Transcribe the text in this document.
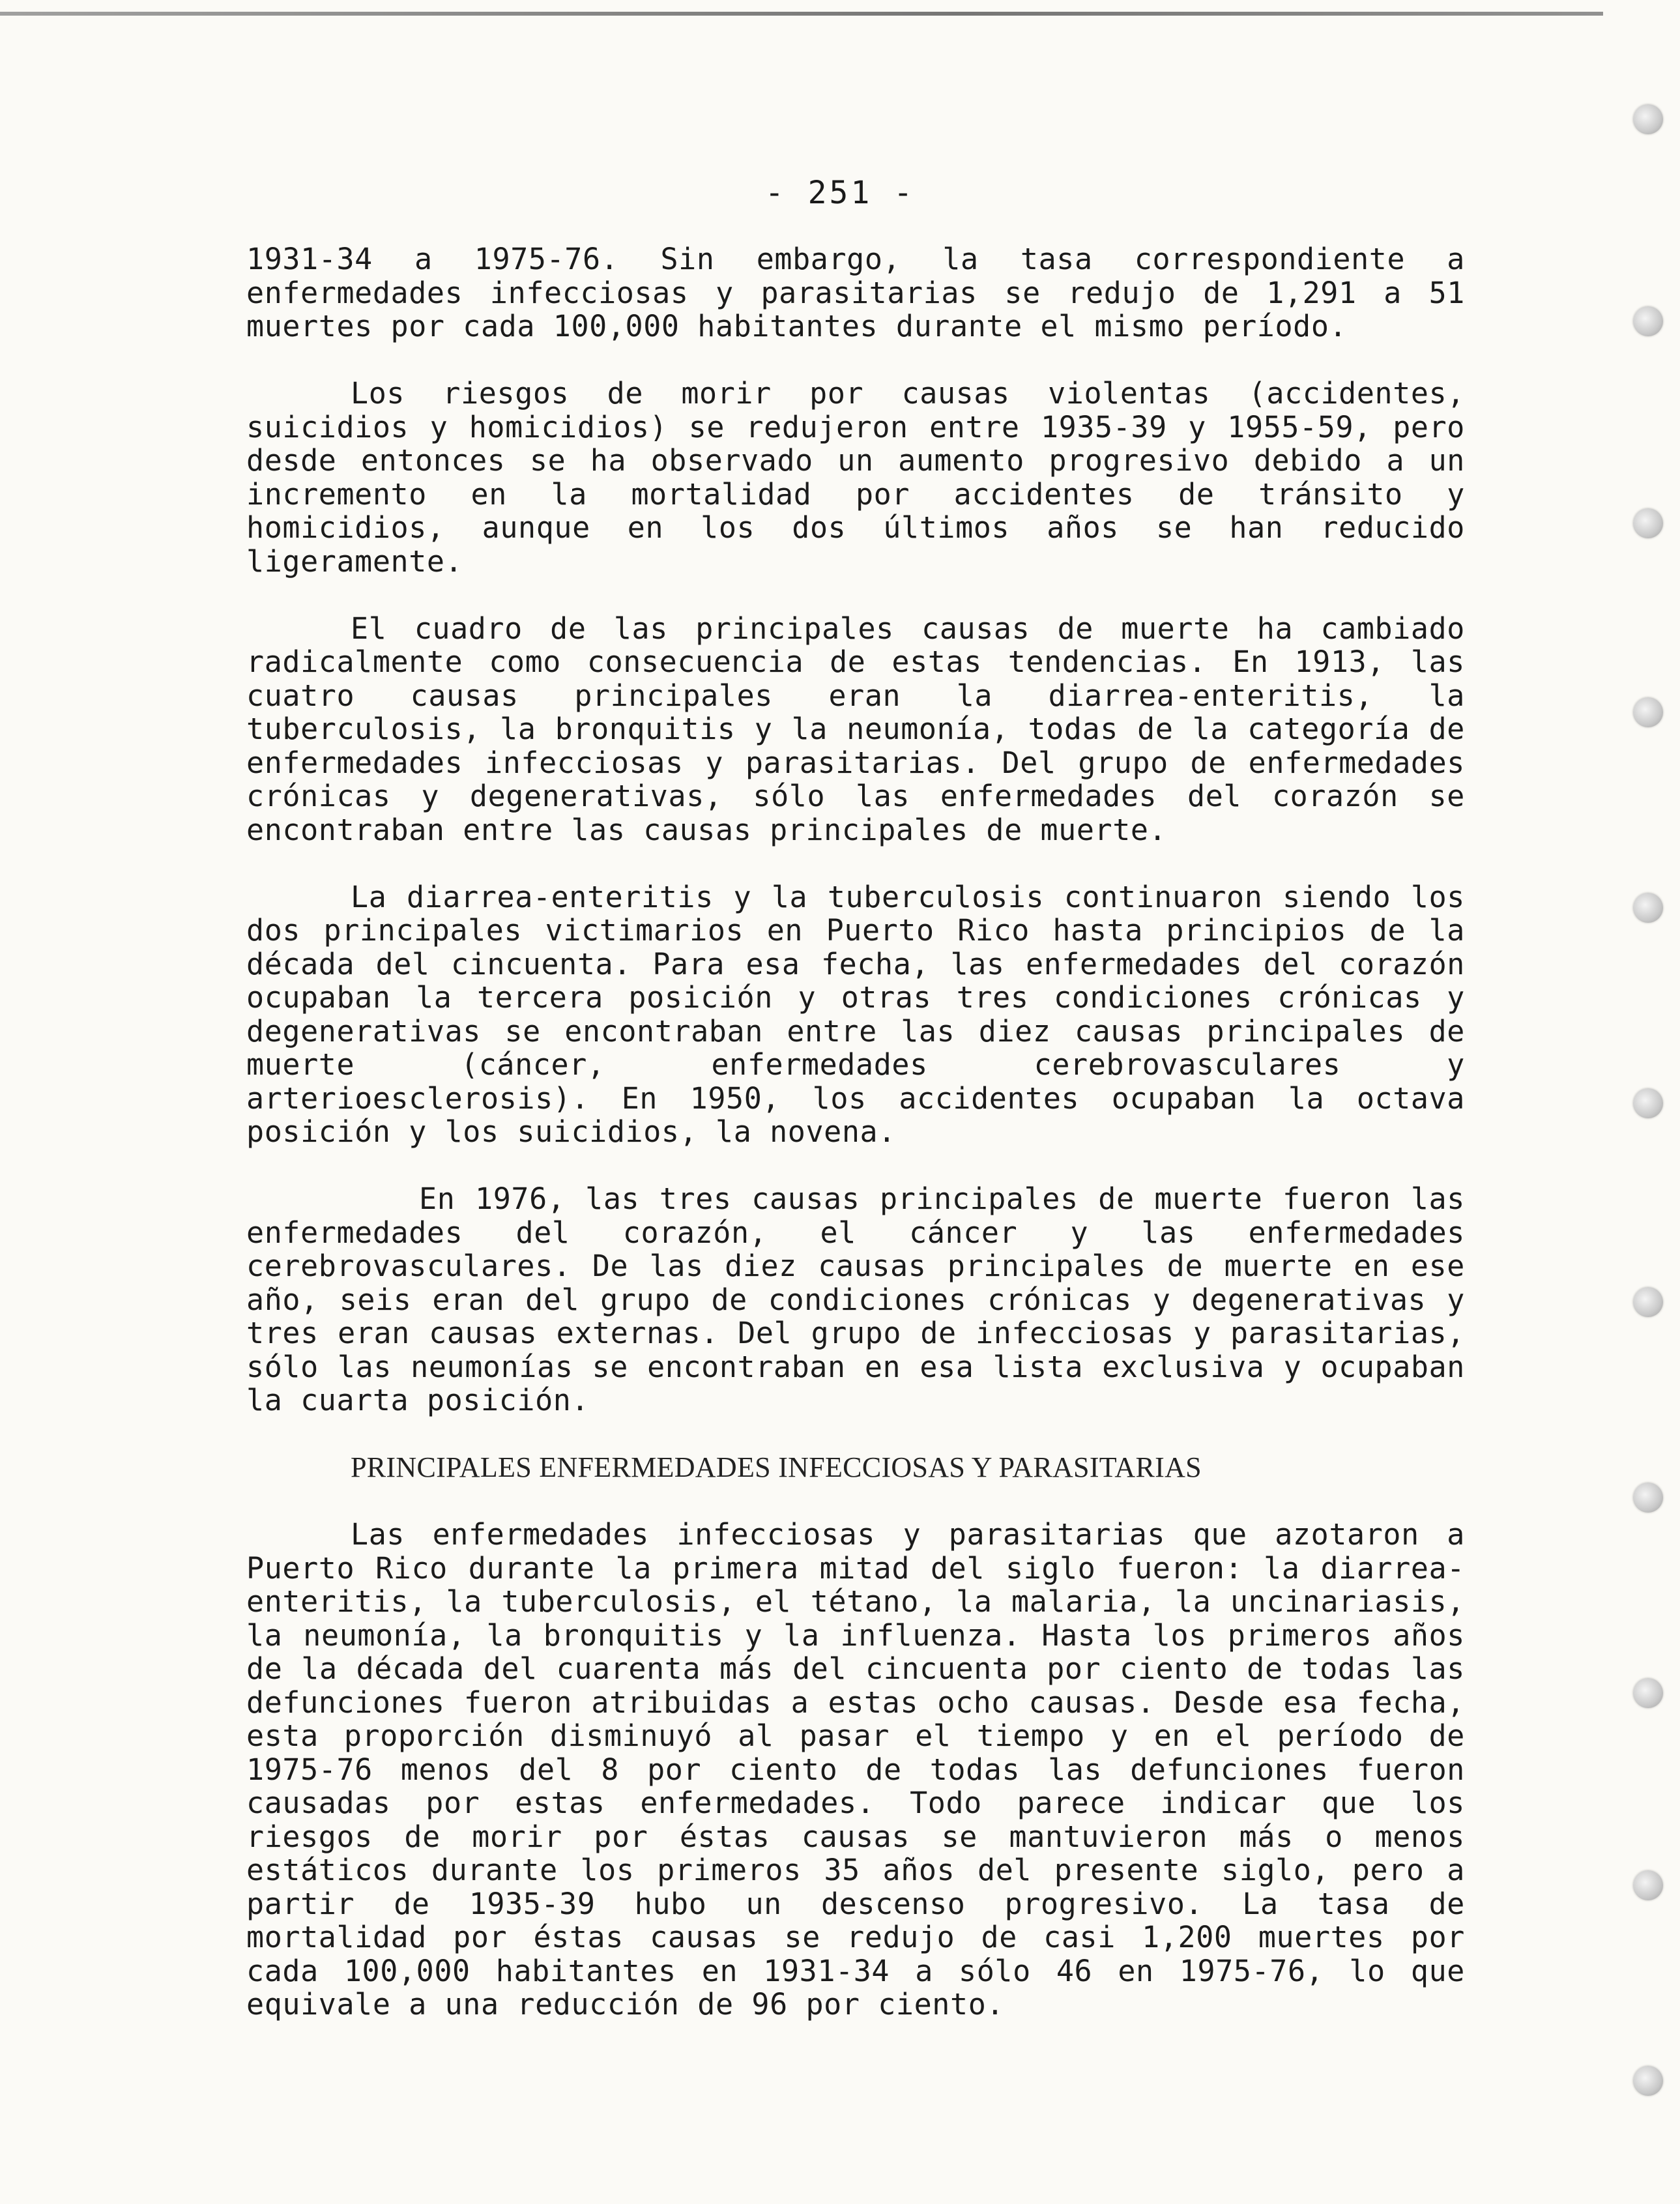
- 251 -

1931-34 a 1975-76. Sin embargo, la tasa correspondiente a enfermedades infecciosas y parasitarias se redujo de 1,291 a 51 muertes por cada 100,000 habitantes durante el mismo período.

Los riesgos de morir por causas violentas (accidentes, suicidios y homicidios) se redujeron entre 1935-39 y 1955-59, pero desde entonces se ha observado un aumento progresivo debido a un incremento en la mortalidad por accidentes de tránsito y homicidios, aunque en los dos últimos años se han reducido ligeramente.

El cuadro de las principales causas de muerte ha cambiado radicalmente como consecuencia de estas tendencias. En 1913, las cuatro causas principales eran la diarrea-enteritis, la tuberculosis, la bronquitis y la neumonía, todas de la categoría de enfermedades infecciosas y parasitarias. Del grupo de enfermedades crónicas y degenerativas, sólo las enfermedades del corazón se encontraban entre las causas principales de muerte.

La diarrea-enteritis y la tuberculosis continuaron siendo los dos principales victimarios en Puerto Rico hasta principios de la década del cincuenta. Para esa fecha, las enfermedades del corazón ocupaban la tercera posición y otras tres condiciones crónicas y degenerativas se encontraban entre las diez causas principales de muerte (cáncer, enfermedades cerebrovasculares y arterioesclerosis). En 1950, los accidentes ocupaban la octava posición y los suicidios, la novena.

En 1976, las tres causas principales de muerte fueron las enfermedades del corazón, el cáncer y las enfermedades cerebrovasculares. De las diez causas principales de muerte en ese año, seis eran del grupo de condiciones crónicas y degenerativas y tres eran causas externas. Del grupo de infecciosas y parasitarias, sólo las neumonías se encontraban en esa lista exclusiva y ocupaban la cuarta posición.

PRINCIPALES ENFERMEDADES INFECCIOSAS Y PARASITARIAS

Las enfermedades infecciosas y parasitarias que azotaron a Puerto Rico durante la primera mitad del siglo fueron: la diarrea-enteritis, la tuberculosis, el tétano, la malaria, la uncinariasis, la neumonía, la bronquitis y la influenza. Hasta los primeros años de la década del cuarenta más del cincuenta por ciento de todas las defunciones fueron atribuidas a estas ocho causas. Desde esa fecha, esta proporción disminuyó al pasar el tiempo y en el período de 1975-76 menos del 8 por ciento de todas las defunciones fueron causadas por estas enfermedades. Todo parece indicar que los riesgos de morir por éstas causas se mantuvieron más o menos estáticos durante los primeros 35 años del presente siglo, pero a partir de 1935-39 hubo un descenso progresivo. La tasa de mortalidad por éstas causas se redujo de casi 1,200 muertes por cada 100,000 habitantes en 1931-34 a sólo 46 en 1975-76, lo que equivale a una reducción de 96 por ciento.
